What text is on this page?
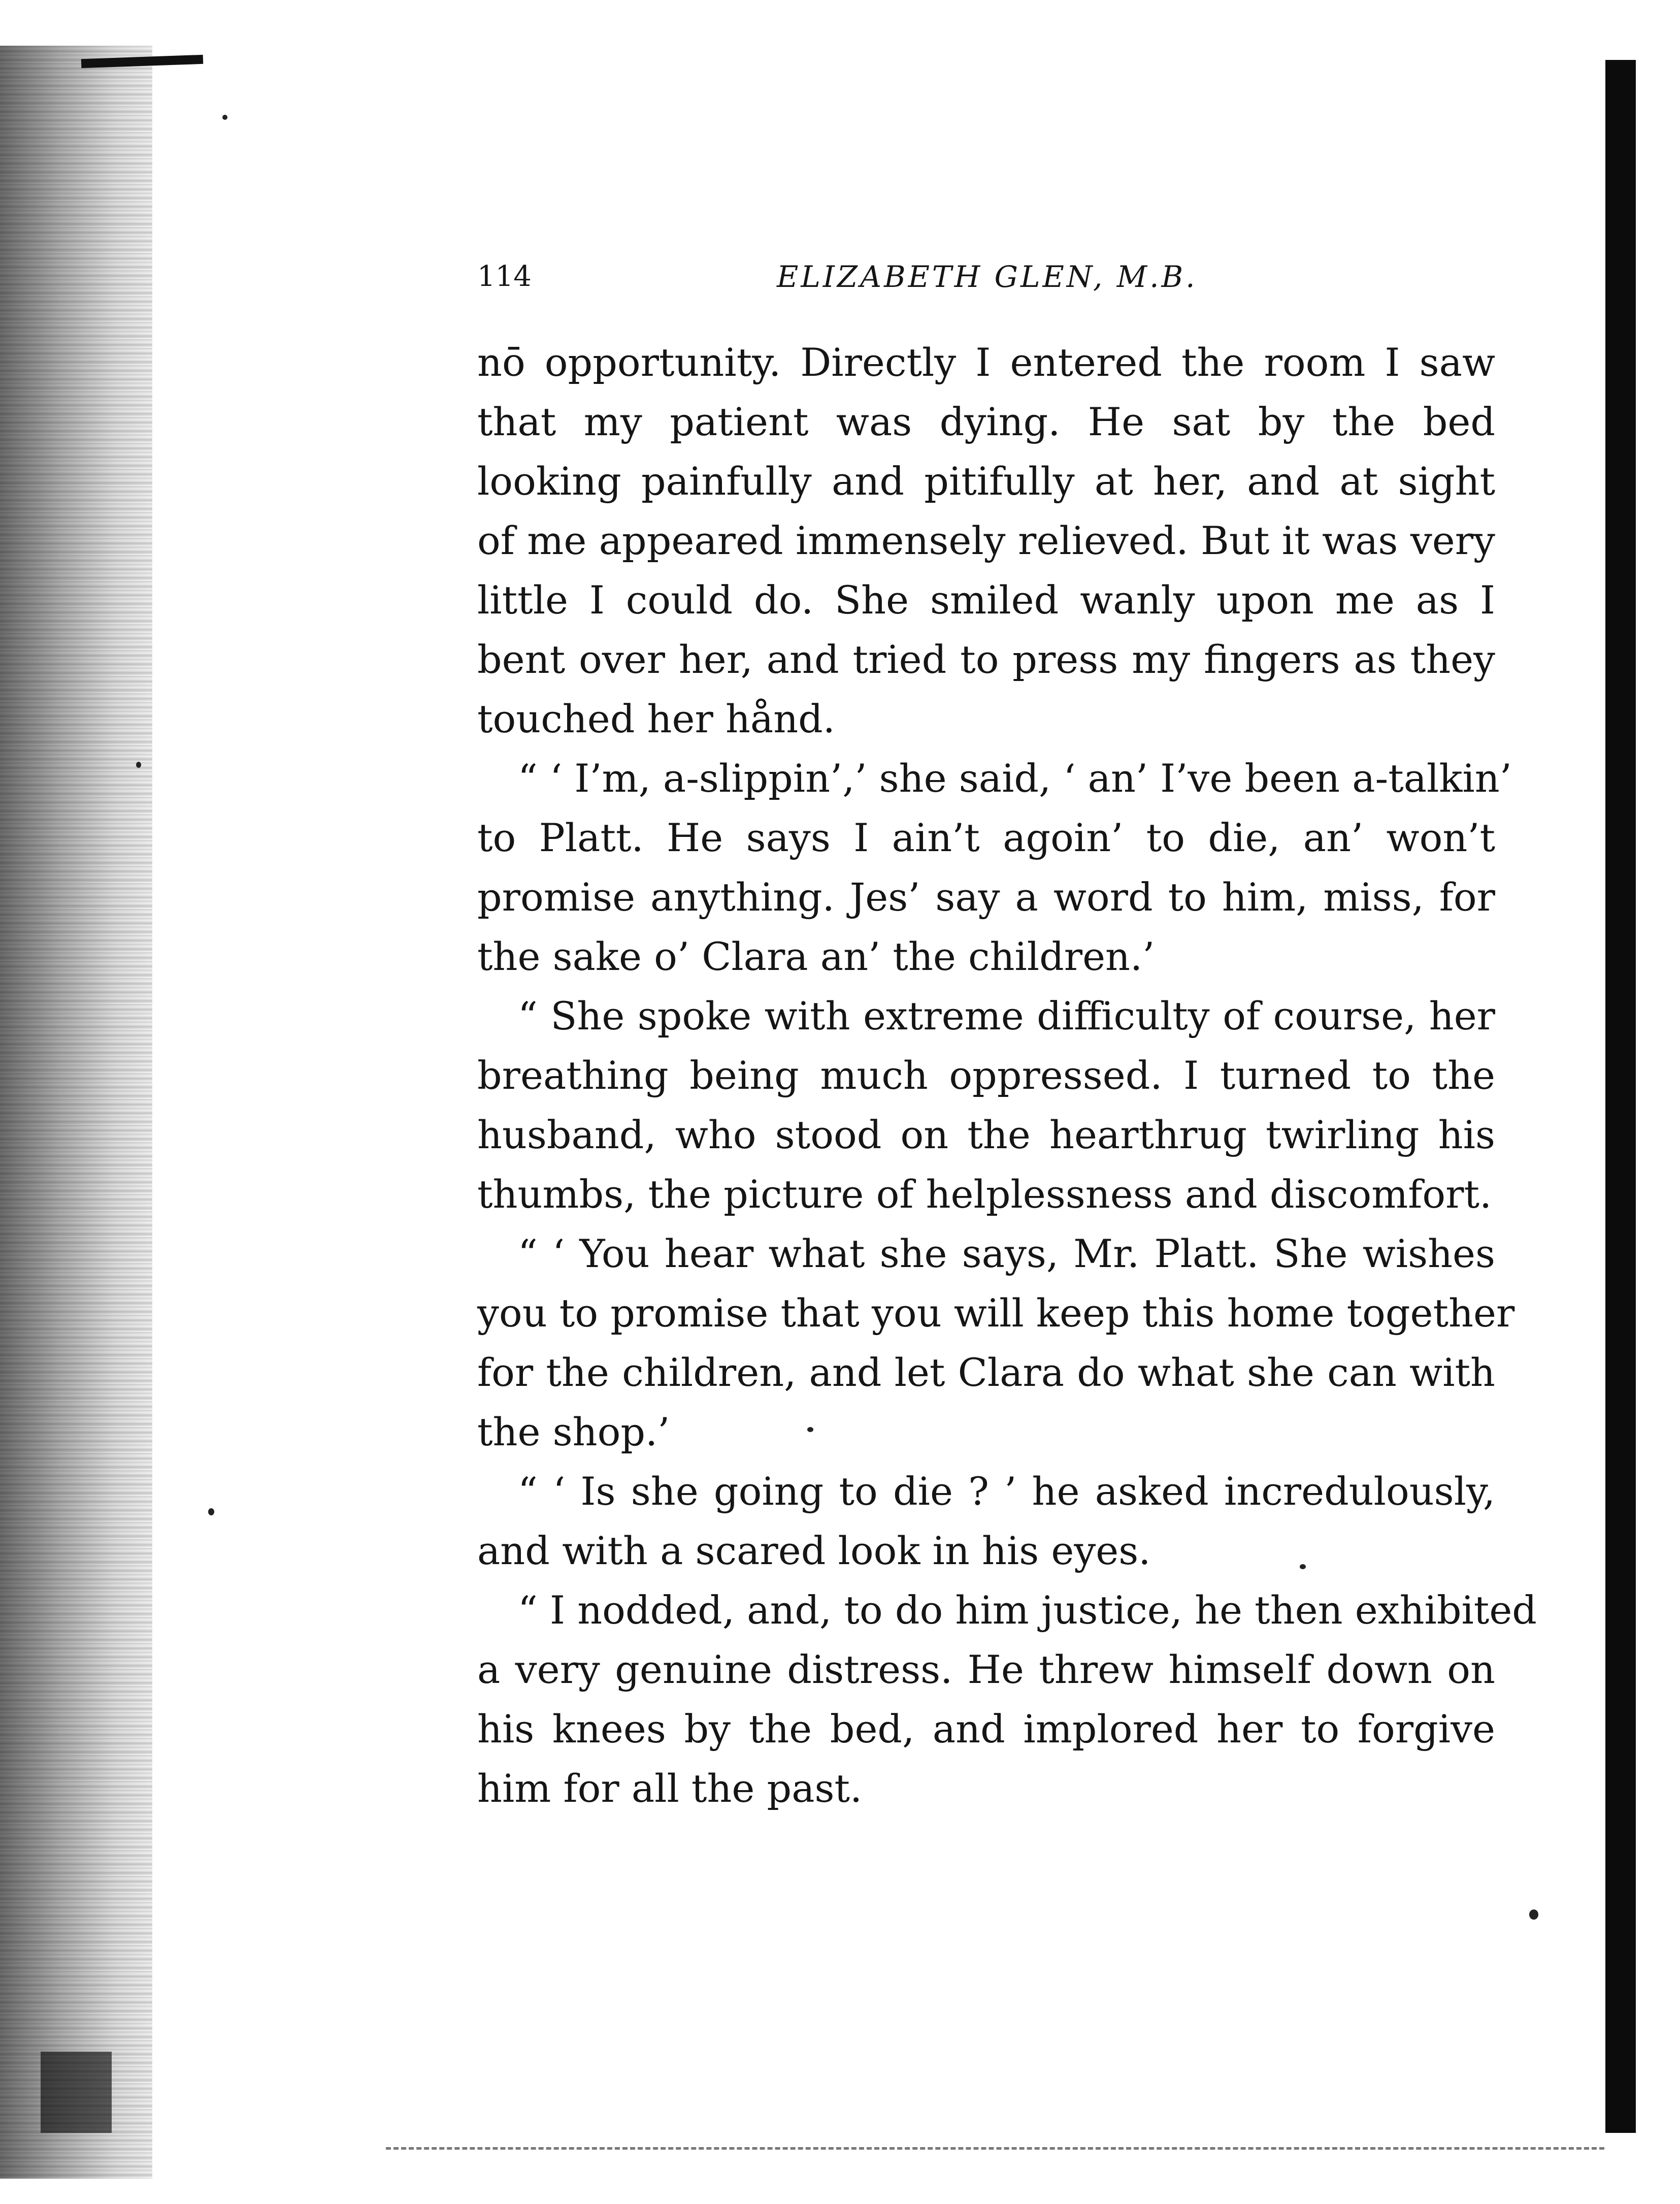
114	ELIZABETH GLEN, M.B.
nō opportunity. Directly I entered the room I saw
that my patient was dying. He sat by the bed
looking painfully and pitifully at her, and at sight
of me appeared immensely relieved. But it was very
little I could do. She smiled wanly upon me as I
bent over her, and tried to press my fingers as they
touched her hånd.
“ ‘ I’m, a-slippin’,’ she said, ‘ an’ I’ve been a-talkin’
to Platt. He says I ain’t agoin’ to die, an’ won’t
promise anything. Jes’ say a word to him, miss, for
the sake o’ Clara an’ the children.’
“ She spoke with extreme difficulty of course, her
breathing being much oppressed. I turned to the
husband, who stood on the hearthrug twirling his
thumbs, the picture of helplessness and discomfort.
“ ‘ You hear what she says, Mr. Platt. She wishes
you to promise that you will keep this home together
for the children, and let Clara do what she can with
the shop.’
“ ‘ Is she going to die ? ’ he asked incredulously,
and with a scared look in his eyes.
“ I nodded, and, to do him justice, he then exhibited
a very genuine distress. He threw himself down on
his knees by the bed, and implored her to forgive
him for all the past.
